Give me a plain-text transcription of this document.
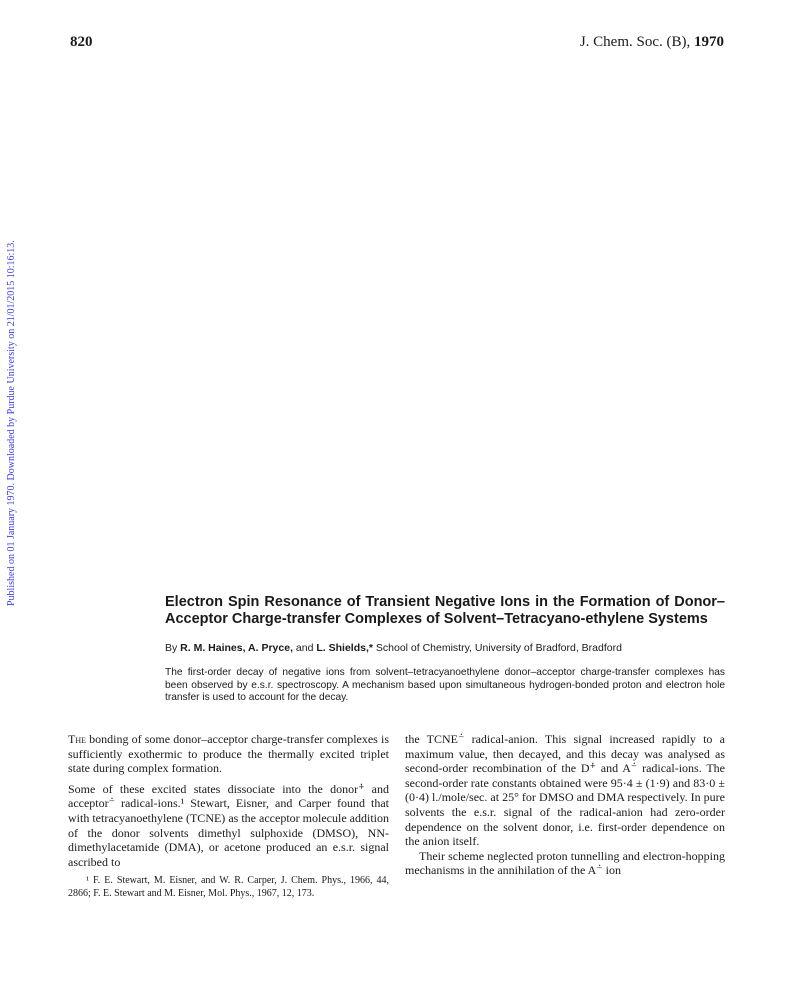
820	J. Chem. Soc. (B), 1970
Published on 01 January 1970. Downloaded by Purdue University on 21/01/2015 10:16:13.	Electron Spin Resonance of Transient Negative Ions in the Formation of Donor–Acceptor Charge-transfer Complexes of Solvent–Tetracyano-ethylene Systems
By R. M. Haines, A. Pryce, and L. Shields,* School of Chemistry, University of Bradford, Bradford
The first-order decay of negative ions from solvent–tetracyanoethylene donor–acceptor charge-transfer complexes has been observed by e.s.r. spectroscopy. A mechanism based upon simultaneous hydrogen-bonded proton and electron hole transfer is used to account for the decay.

The bonding of some donor–acceptor charge-transfer complexes is sufficiently exothermic to produce the thermally excited triplet state during complex formation.

Some of these excited states dissociate into the donor⁺̇ and acceptor⁻̇ radical-ions.¹ Stewart, Eisner, and Carper found that with tetracyanoethylene (TCNE) as the acceptor molecule addition of the donor solvents dimethyl sulphoxide (DMSO), NN-dimethylacetamide (DMA), or acetone produced an e.s.r. signal ascribed to

¹ F. E. Stewart, M. Eisner, and W. R. Carper, J. Chem. Phys., 1966, 44, 2866; F. E. Stewart and M. Eisner, Mol. Phys., 1967, 12, 173.

the TCNE⁻̇ radical-anion. This signal increased rapidly to a maximum value, then decayed, and this decay was analysed as second-order recombination of the D⁺̇ and A⁻̇ radical-ions. The second-order rate constants obtained were 95·4 ± (1·9) and 83·0 ± (0·4) l./mole/sec. at 25° for DMSO and DMA respectively. In pure solvents the e.s.r. signal of the radical-anion had zero-order dependence on the solvent donor, i.e. first-order dependence on the anion itself.

Their scheme neglected proton tunnelling and electron-hopping mechanisms in the annihilation of the A⁻̇ ion
